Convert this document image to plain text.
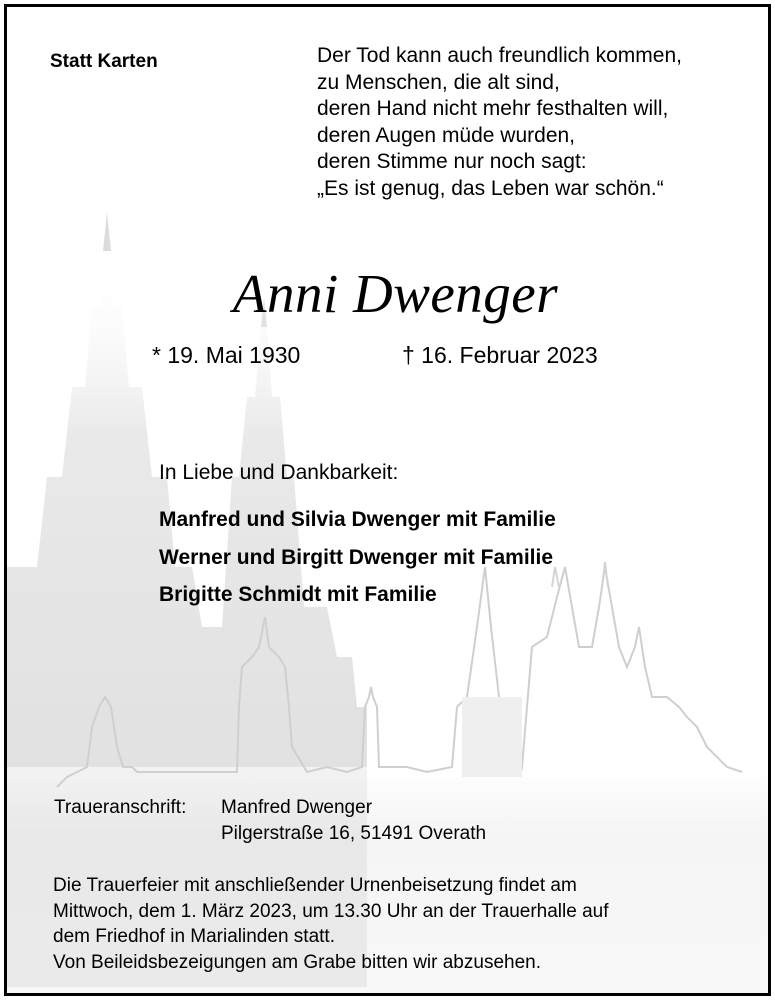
Statt Karten	Der Tod kann auch freundlich kommen,
zu Menschen, die alt sind,
deren Hand nicht mehr festhalten will,
deren Augen müde wurden,
deren Stimme nur noch sagt:
„Es ist genug, das Leben war schön.“
Anni Dwenger
* 19. Mai 1930	† 16. Februar 2023
In Liebe und Dankbarkeit:
Manfred und Silvia Dwenger mit Familie
Werner und Birgitt Dwenger mit Familie
Brigitte Schmidt mit Familie
Traueranschrift: Manfred Dwenger
Pilgerstraße 16, 51491 Overath
Die Trauerfeier mit anschließender Urnenbeisetzung findet am
Mittwoch, dem 1. März 2023, um 13.30 Uhr an der Trauerhalle auf
dem Friedhof in Marialinden statt.
Von Beileidsbezeigungen am Grabe bitten wir abzusehen.
